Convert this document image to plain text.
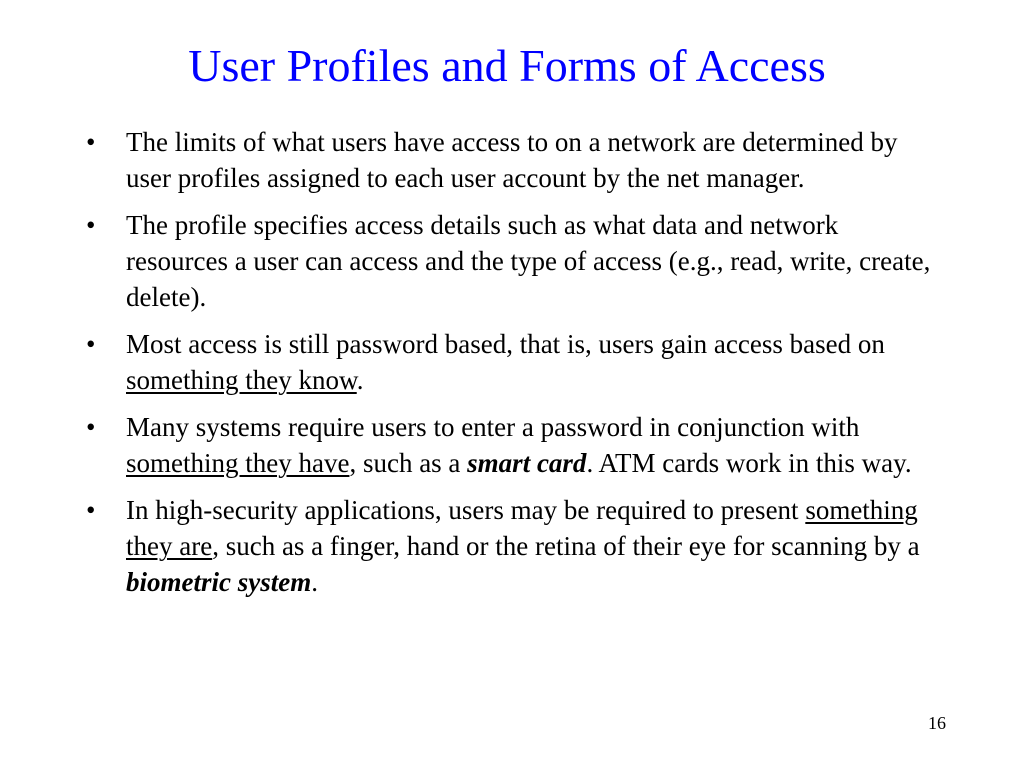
User Profiles and Forms of Access
•	The limits of what users have access to on a network are determined by user profiles assigned to each user account by the net manager.
•	The profile specifies access details such as what data and network resources a user can access and the type of access (e.g., read, write, create, delete).
•	Most access is still password based, that is, users gain access based on something they know.
•	Many systems require users to enter a password in conjunction with something they have, such as a smart card. ATM cards work in this way.
•	In high-security applications, users may be required to present something they are, such as a finger, hand or the retina of their eye for scanning by a biometric system.
16
